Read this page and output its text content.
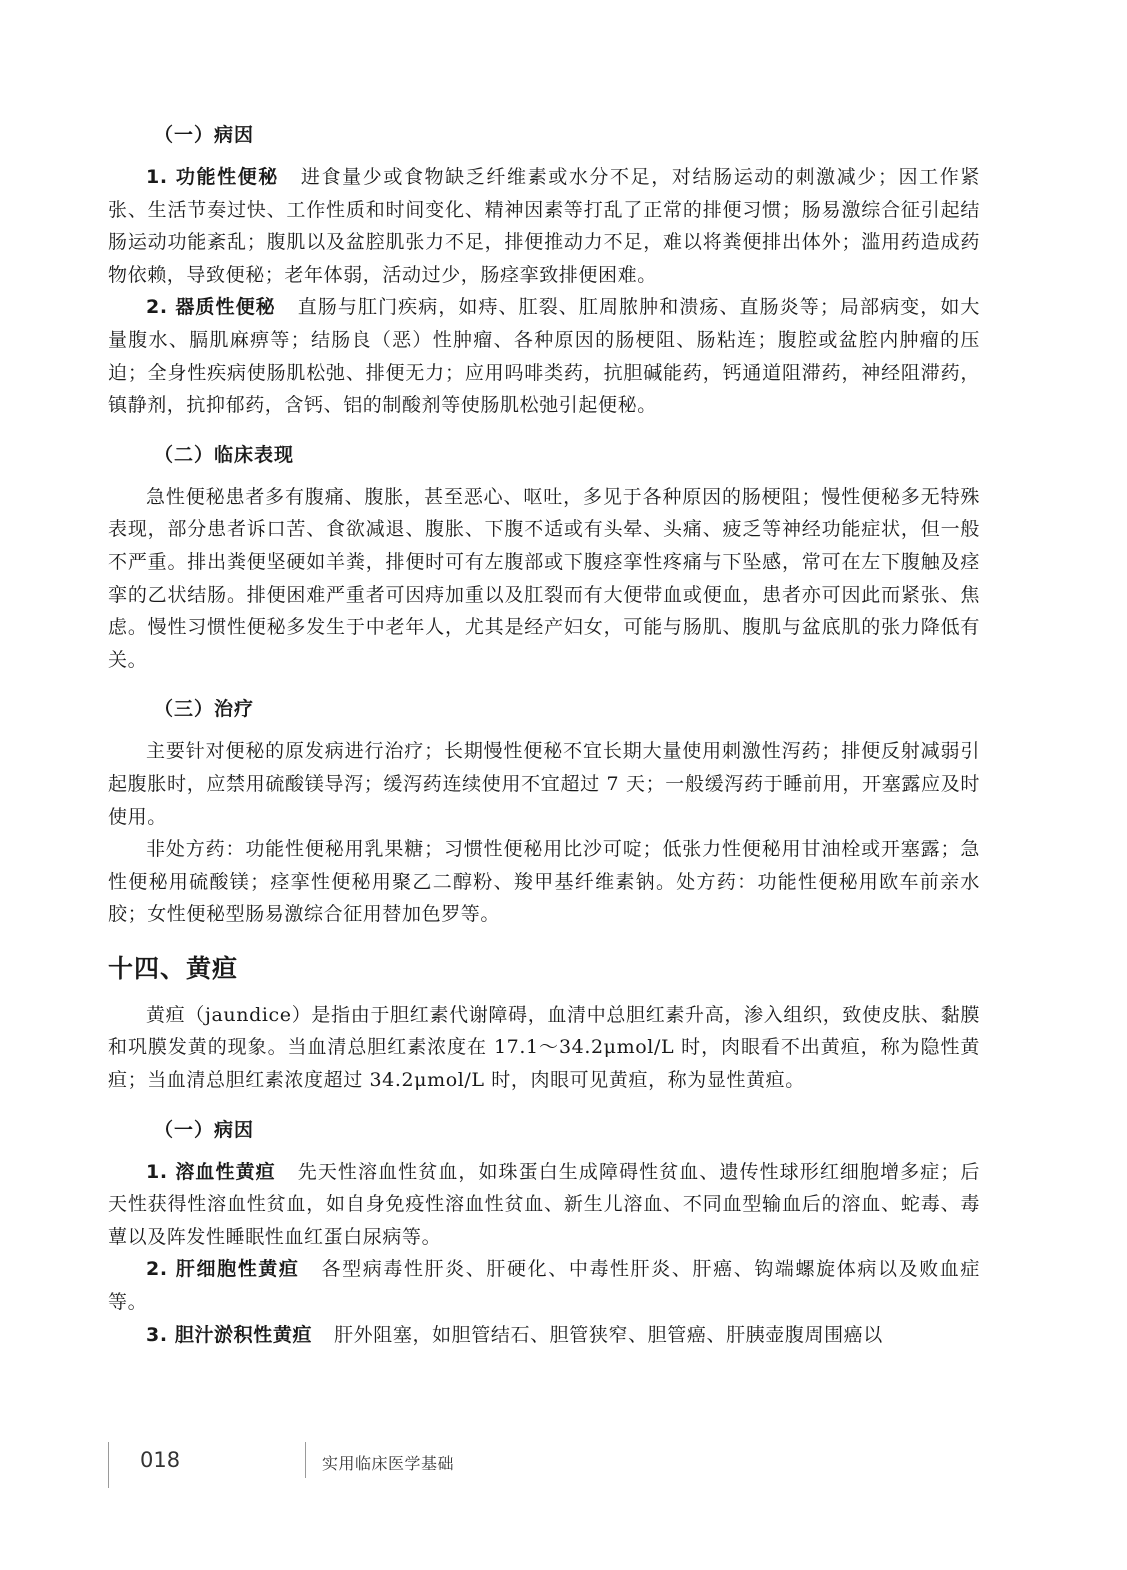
（一）病因

1. 功能性便秘 进食量少或食物缺乏纤维素或水分不足，对结肠运动的刺激减少；因工作紧张、生活节奏过快、工作性质和时间变化、精神因素等打乱了正常的排便习惯；肠易激综合征引起结肠运动功能紊乱；腹肌以及盆腔肌张力不足，排便推动力不足，难以将粪便排出体外；滥用药造成药物依赖，导致便秘；老年体弱，活动过少，肠痉挛致排便困难。

2. 器质性便秘 直肠与肛门疾病，如痔、肛裂、肛周脓肿和溃疡、直肠炎等；局部病变，如大量腹水、膈肌麻痹等；结肠良（恶）性肿瘤、各种原因的肠梗阻、肠粘连；腹腔或盆腔内肿瘤的压迫；全身性疾病使肠肌松弛、排便无力；应用吗啡类药，抗胆碱能药，钙通道阻滞药，神经阻滞药，镇静剂，抗抑郁药，含钙、铝的制酸剂等使肠肌松弛引起便秘。

（二）临床表现

急性便秘患者多有腹痛、腹胀，甚至恶心、呕吐，多见于各种原因的肠梗阻；慢性便秘多无特殊表现，部分患者诉口苦、食欲减退、腹胀、下腹不适或有头晕、头痛、疲乏等神经功能症状，但一般不严重。排出粪便坚硬如羊粪，排便时可有左腹部或下腹痉挛性疼痛与下坠感，常可在左下腹触及痉挛的乙状结肠。排便困难严重者可因痔加重以及肛裂而有大便带血或便血，患者亦可因此而紧张、焦虑。慢性习惯性便秘多发生于中老年人，尤其是经产妇女，可能与肠肌、腹肌与盆底肌的张力降低有关。

（三）治疗

主要针对便秘的原发病进行治疗；长期慢性便秘不宜长期大量使用刺激性泻药；排便反射减弱引起腹胀时，应禁用硫酸镁导泻；缓泻药连续使用不宜超过 7 天；一般缓泻药于睡前用，开塞露应及时使用。

非处方药：功能性便秘用乳果糖；习惯性便秘用比沙可啶；低张力性便秘用甘油栓或开塞露；急性便秘用硫酸镁；痉挛性便秘用聚乙二醇粉、羧甲基纤维素钠。处方药：功能性便秘用欧车前亲水胶；女性便秘型肠易激综合征用替加色罗等。

十四、黄疸

黄疸（jaundice）是指由于胆红素代谢障碍，血清中总胆红素升高，渗入组织，致使皮肤、黏膜和巩膜发黄的现象。当血清总胆红素浓度在 17.1～34.2μmol/L 时，肉眼看不出黄疸，称为隐性黄疸；当血清总胆红素浓度超过 34.2μmol/L 时，肉眼可见黄疸，称为显性黄疸。

（一）病因

1. 溶血性黄疸 先天性溶血性贫血，如珠蛋白生成障碍性贫血、遗传性球形红细胞增多症；后天性获得性溶血性贫血，如自身免疫性溶血性贫血、新生儿溶血、不同血型输血后的溶血、蛇毒、毒蕈以及阵发性睡眠性血红蛋白尿病等。

2. 肝细胞性黄疸 各型病毒性肝炎、肝硬化、中毒性肝炎、肝癌、钩端螺旋体病以及败血症等。

3. 胆汁淤积性黄疸 肝外阻塞，如胆管结石、胆管狭窄、胆管癌、肝胰壶腹周围癌以

018	实用临床医学基础
